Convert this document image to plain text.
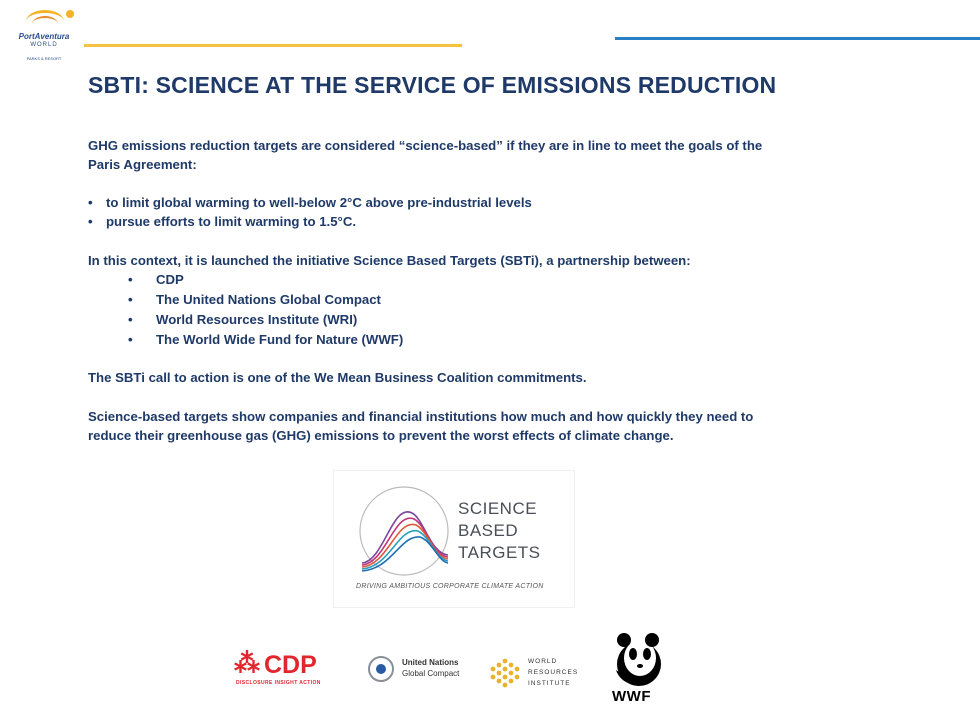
PortAventura
WORLD
PARKS & RESORT
SBTI: SCIENCE AT THE SERVICE OF EMISSIONS REDUCTION

GHG emissions reduction targets are considered “science-based” if they are in line to meet the goals of the

Paris Agreement:

• to limit global warming to well-below 2°C above pre-industrial levels
• pursue efforts to limit warming to 1.5°C.

In this context, it is launched the initiative Science Based Targets (SBTi), a partnership between:

• CDP
• The United Nations Global Compact
• World Resources Institute (WRI)
• The World Wide Fund for Nature (WWF)

The SBTi call to action is one of the We Mean Business Coalition commitments.

Science-based targets show companies and financial institutions how much and how quickly they need to

reduce their greenhouse gas (GHG) emissions to prevent the worst effects of climate change.

SCIENCE
BASED
TARGETS
DRIVING AMBITIOUS CORPORATE CLIMATE ACTION
⁂ CDP
DISCLOSURE INSIGHT ACTION
United Nations
Global Compact
WORLD
RESOURCES
INSTITUTE
WWF
